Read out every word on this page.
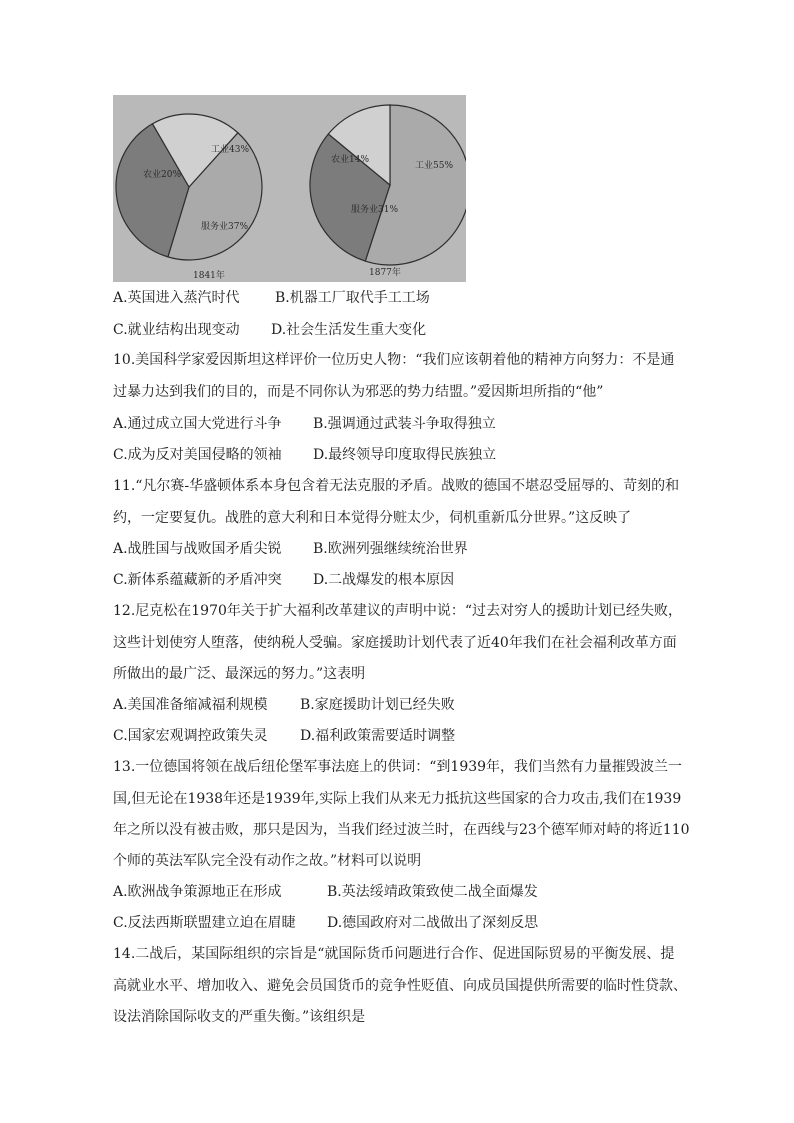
工业43%
服务业37%
农业20%
1841年
工业55%
服务业31%
农业14%
1877年
A.英国进入蒸汽时代	B.机器工厂取代手工工场
C.就业结构出现变动 D.社会生活发生重大变化
10.美国科学家爱因斯坦这样评价一位历史人物：“我们应该朝着他的精神方向努力：不是通
过暴力达到我们的目的，而是不同你认为邪恶的势力结盟。”爱因斯坦所指的“他”
A.通过成立国大党进行斗争 B.强调通过武装斗争取得独立
C.成为反对美国侵略的领袖 D.最终领导印度取得民族独立
11.“凡尔赛-华盛顿体系本身包含着无法克服的矛盾。战败的德国不堪忍受屈辱的、苛刻的和
约，一定要复仇。战胜的意大利和日本觉得分赃太少，伺机重新瓜分世界。”这反映了
A.战胜国与战败国矛盾尖锐 B.欧洲列强继续统治世界
C.新体系蕴藏新的矛盾冲突 D.二战爆发的根本原因
12.尼克松在1970年关于扩大福利改革建议的声明中说：“过去对穷人的援助计划已经失败，
这些计划使穷人堕落，使纳税人受骗。家庭援助计划代表了近40年我们在社会福利改革方面
所做出的最广泛、最深远的努力。”这表明
A.美国准备缩减福利规模 B.家庭援助计划已经失败
C.国家宏观调控政策失灵 D.福利政策需要适时调整
13.一位德国将领在战后纽伦堡军事法庭上的供词：“到1939年，我们当然有力量摧毁波兰一
国,但无论在1938年还是1939年,实际上我们从来无力抵抗这些国家的合力攻击,我们在1939
年之所以没有被击败，那只是因为，当我们经过波兰时，在西线与23个德军师对峙的将近110
个师的英法军队完全没有动作之故。”材料可以说明
A.欧洲战争策源地正在形成	B.英法绥靖政策致使二战全面爆发
C.反法西斯联盟建立迫在眉睫 D.德国政府对二战做出了深刻反思
14.二战后，某国际组织的宗旨是“就国际货币问题进行合作、促进国际贸易的平衡发展、提
高就业水平、增加收入、避免会员国货币的竞争性贬值、向成员国提供所需要的临时性贷款、
设法消除国际收支的严重失衡。”该组织是
